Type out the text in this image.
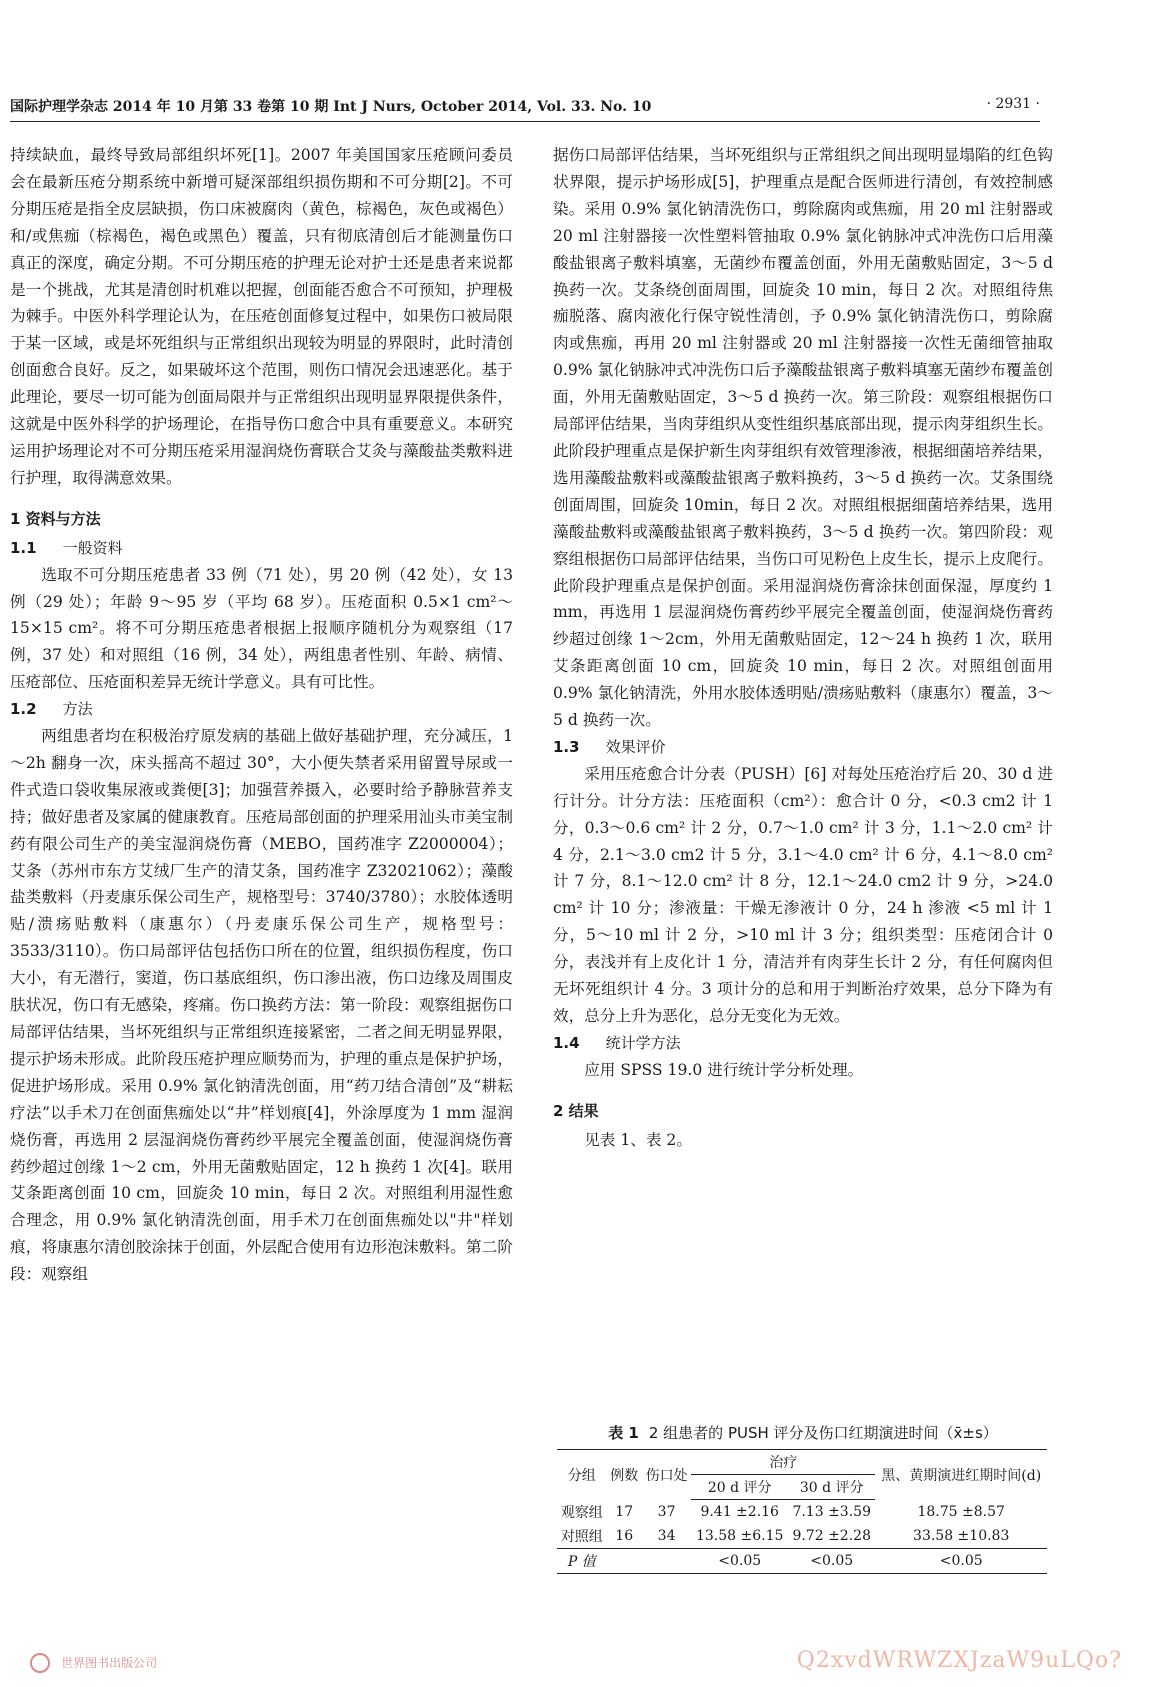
国际护理学杂志 2014 年 10 月第 33 卷第 10 期 Int J Nurs, October 2014, Vol. 33. No. 10	· 2931 ·

持续缺血，最终导致局部组织坏死[1]。2007 年美国国家压疮顾问委员会在最新压疮分期系统中新增可疑深部组织损伤期和不可分期[2]。不可分期压疮是指全皮层缺损，伤口床被腐肉（黄色，棕褐色，灰色或褐色）和/或焦痂（棕褐色，褐色或黑色）覆盖，只有彻底清创后才能测量伤口真正的深度，确定分期。不可分期压疮的护理无论对护士还是患者来说都是一个挑战，尤其是清创时机难以把握，创面能否愈合不可预知，护理极为棘手。中医外科学理论认为，在压疮创面修复过程中，如果伤口被局限于某一区域，或是坏死组织与正常组织出现较为明显的界限时，此时清创创面愈合良好。反之，如果破坏这个范围，则伤口情况会迅速恶化。基于此理论，要尽一切可能为创面局限并与正常组织出现明显界限提供条件，这就是中医外科学的护场理论，在指导伤口愈合中具有重要意义。本研究运用护场理论对不可分期压疮采用湿润烧伤膏联合艾灸与藻酸盐类敷料进行护理，取得满意效果。

1 资料与方法
1.1 一般资料

选取不可分期压疮患者 33 例（71 处），男 20 例（42 处），女 13 例（29 处）；年龄 9～95 岁（平均 68 岁）。压疮面积 0.5×1 cm²～15×15 cm²。将不可分期压疮患者根据上报顺序随机分为观察组（17 例，37 处）和对照组（16 例，34 处），两组患者性别、年龄、病情、压疮部位、压疮面积差异无统计学意义。具有可比性。

1.2 方法

两组患者均在积极治疗原发病的基础上做好基础护理，充分减压，1～2h 翻身一次，床头摇高不超过 30°，大小便失禁者采用留置导尿或一件式造口袋收集尿液或粪便[3]；加强营养摄入，必要时给予静脉营养支持；做好患者及家属的健康教育。压疮局部创面的护理采用汕头市美宝制药有限公司生产的美宝湿润烧伤膏（MEBO，国药准字 Z2000004）；艾条（苏州市东方艾绒厂生产的清艾条，国药准字 Z32021062）；藻酸盐类敷料（丹麦康乐保公司生产，规格型号：3740/3780）；水胶体透明贴/溃疡贴敷料（康惠尔）（丹麦康乐保公司生产，规格型号：3533/3110）。伤口局部评估包括伤口所在的位置，组织损伤程度，伤口大小，有无潜行，窦道，伤口基底组织，伤口渗出液，伤口边缘及周围皮肤状况，伤口有无感染，疼痛。伤口换药方法：第一阶段：观察组据伤口局部评估结果，当坏死组织与正常组织连接紧密，二者之间无明显界限，提示护场未形成。此阶段压疮护理应顺势而为，护理的重点是保护护场，促进护场形成。采用 0.9% 氯化钠清洗创面，用“药刀结合清创”及“耕耘疗法”以手术刀在创面焦痂处以“井”样划痕[4]，外涂厚度为 1 mm 湿润烧伤膏，再选用 2 层湿润烧伤膏药纱平展完全覆盖创面，使湿润烧伤膏药纱超过创缘 1～2 cm，外用无菌敷贴固定，12 h 换药 1 次[4]。联用艾条距离创面 10 cm，回旋灸 10 min，每日 2 次。对照组利用湿性愈合理念，用 0.9% 氯化钠清洗创面，用手术刀在创面焦痂处以"井"样划痕，将康惠尔清创胶涂抹于创面，外层配合使用有边形泡沫敷料。第二阶段：观察组

据伤口局部评估结果，当坏死组织与正常组织之间出现明显塌陷的红色钩状界限，提示护场形成[5]，护理重点是配合医师进行清创，有效控制感染。采用 0.9% 氯化钠清洗伤口，剪除腐肉或焦痂，用 20 ml 注射器或 20 ml 注射器接一次性塑料管抽取 0.9% 氯化钠脉冲式冲洗伤口后用藻酸盐银离子敷料填塞，无菌纱布覆盖创面，外用无菌敷贴固定，3～5 d 换药一次。艾条绕创面周围，回旋灸 10 min，每日 2 次。对照组待焦痂脱落、腐肉液化行保守锐性清创，予 0.9% 氯化钠清洗伤口，剪除腐肉或焦痂，再用 20 ml 注射器或 20 ml 注射器接一次性无菌细管抽取 0.9% 氯化钠脉冲式冲洗伤口后予藻酸盐银离子敷料填塞无菌纱布覆盖创面，外用无菌敷贴固定，3～5 d 换药一次。第三阶段：观察组根据伤口局部评估结果，当肉芽组织从变性组织基底部出现，提示肉芽组织生长。此阶段护理重点是保护新生肉芽组织有效管理渗液，根据细菌培养结果，选用藻酸盐敷料或藻酸盐银离子敷料换药，3～5 d 换药一次。艾条围绕创面周围，回旋灸 10min，每日 2 次。对照组根据细菌培养结果，选用藻酸盐敷料或藻酸盐银离子敷料换药，3～5 d 换药一次。第四阶段：观察组根据伤口局部评估结果，当伤口可见粉色上皮生长，提示上皮爬行。此阶段护理重点是保护创面。采用湿润烧伤膏涂抹创面保湿，厚度约 1 mm，再选用 1 层湿润烧伤膏药纱平展完全覆盖创面，使湿润烧伤膏药纱超过创缘 1～2cm，外用无菌敷贴固定，12～24 h 换药 1 次，联用艾条距离创面 10 cm，回旋灸 10 min，每日 2 次。对照组创面用 0.9% 氯化钠清洗，外用水胶体透明贴/溃疡贴敷料（康惠尔）覆盖，3～5 d 换药一次。

1.3 效果评价

采用压疮愈合计分表（PUSH）[6] 对每处压疮治疗后 20、30 d 进行计分。计分方法：压疮面积（cm²）：愈合计 0 分，<0.3 cm2 计 1 分，0.3～0.6 cm² 计 2 分，0.7～1.0 cm² 计 3 分，1.1～2.0 cm² 计 4 分，2.1～3.0 cm2 计 5 分，3.1～4.0 cm² 计 6 分，4.1～8.0 cm² 计 7 分，8.1～12.0 cm² 计 8 分，12.1～24.0 cm2 计 9 分，>24.0 cm² 计 10 分；渗液量：干燥无渗液计 0 分，24 h 渗液 <5 ml 计 1 分，5～10 ml 计 2 分，>10 ml 计 3 分；组织类型：压疮闭合计 0 分，表浅并有上皮化计 1 分，清洁并有肉芽生长计 2 分，有任何腐肉但无坏死组织计 4 分。3 项计分的总和用于判断治疗效果，总分下降为有效，总分上升为恶化，总分无变化为无效。

1.4 统计学方法

应用 SPSS 19.0 进行统计学分析处理。

2 结果

见表 1、表 2。

表 1 2 组患者的 PUSH 评分及伤口红期演进时间（x̄±s）
分组	例数	伤口处	治疗		黑、黄期演进红期时间(d)
			20 d 评分	30 d 评分	
观察组	17	37	9.41 ±2.16	7.13 ±3.59	18.75 ±8.57
对照组	16	34	13.58 ±6.15	9.72 ±2.28	33.58 ±10.83
P 值			<0.05	<0.05	<0.05
世界图书出版公司	Q2xvdWRWZXJzaW9uLQo?
